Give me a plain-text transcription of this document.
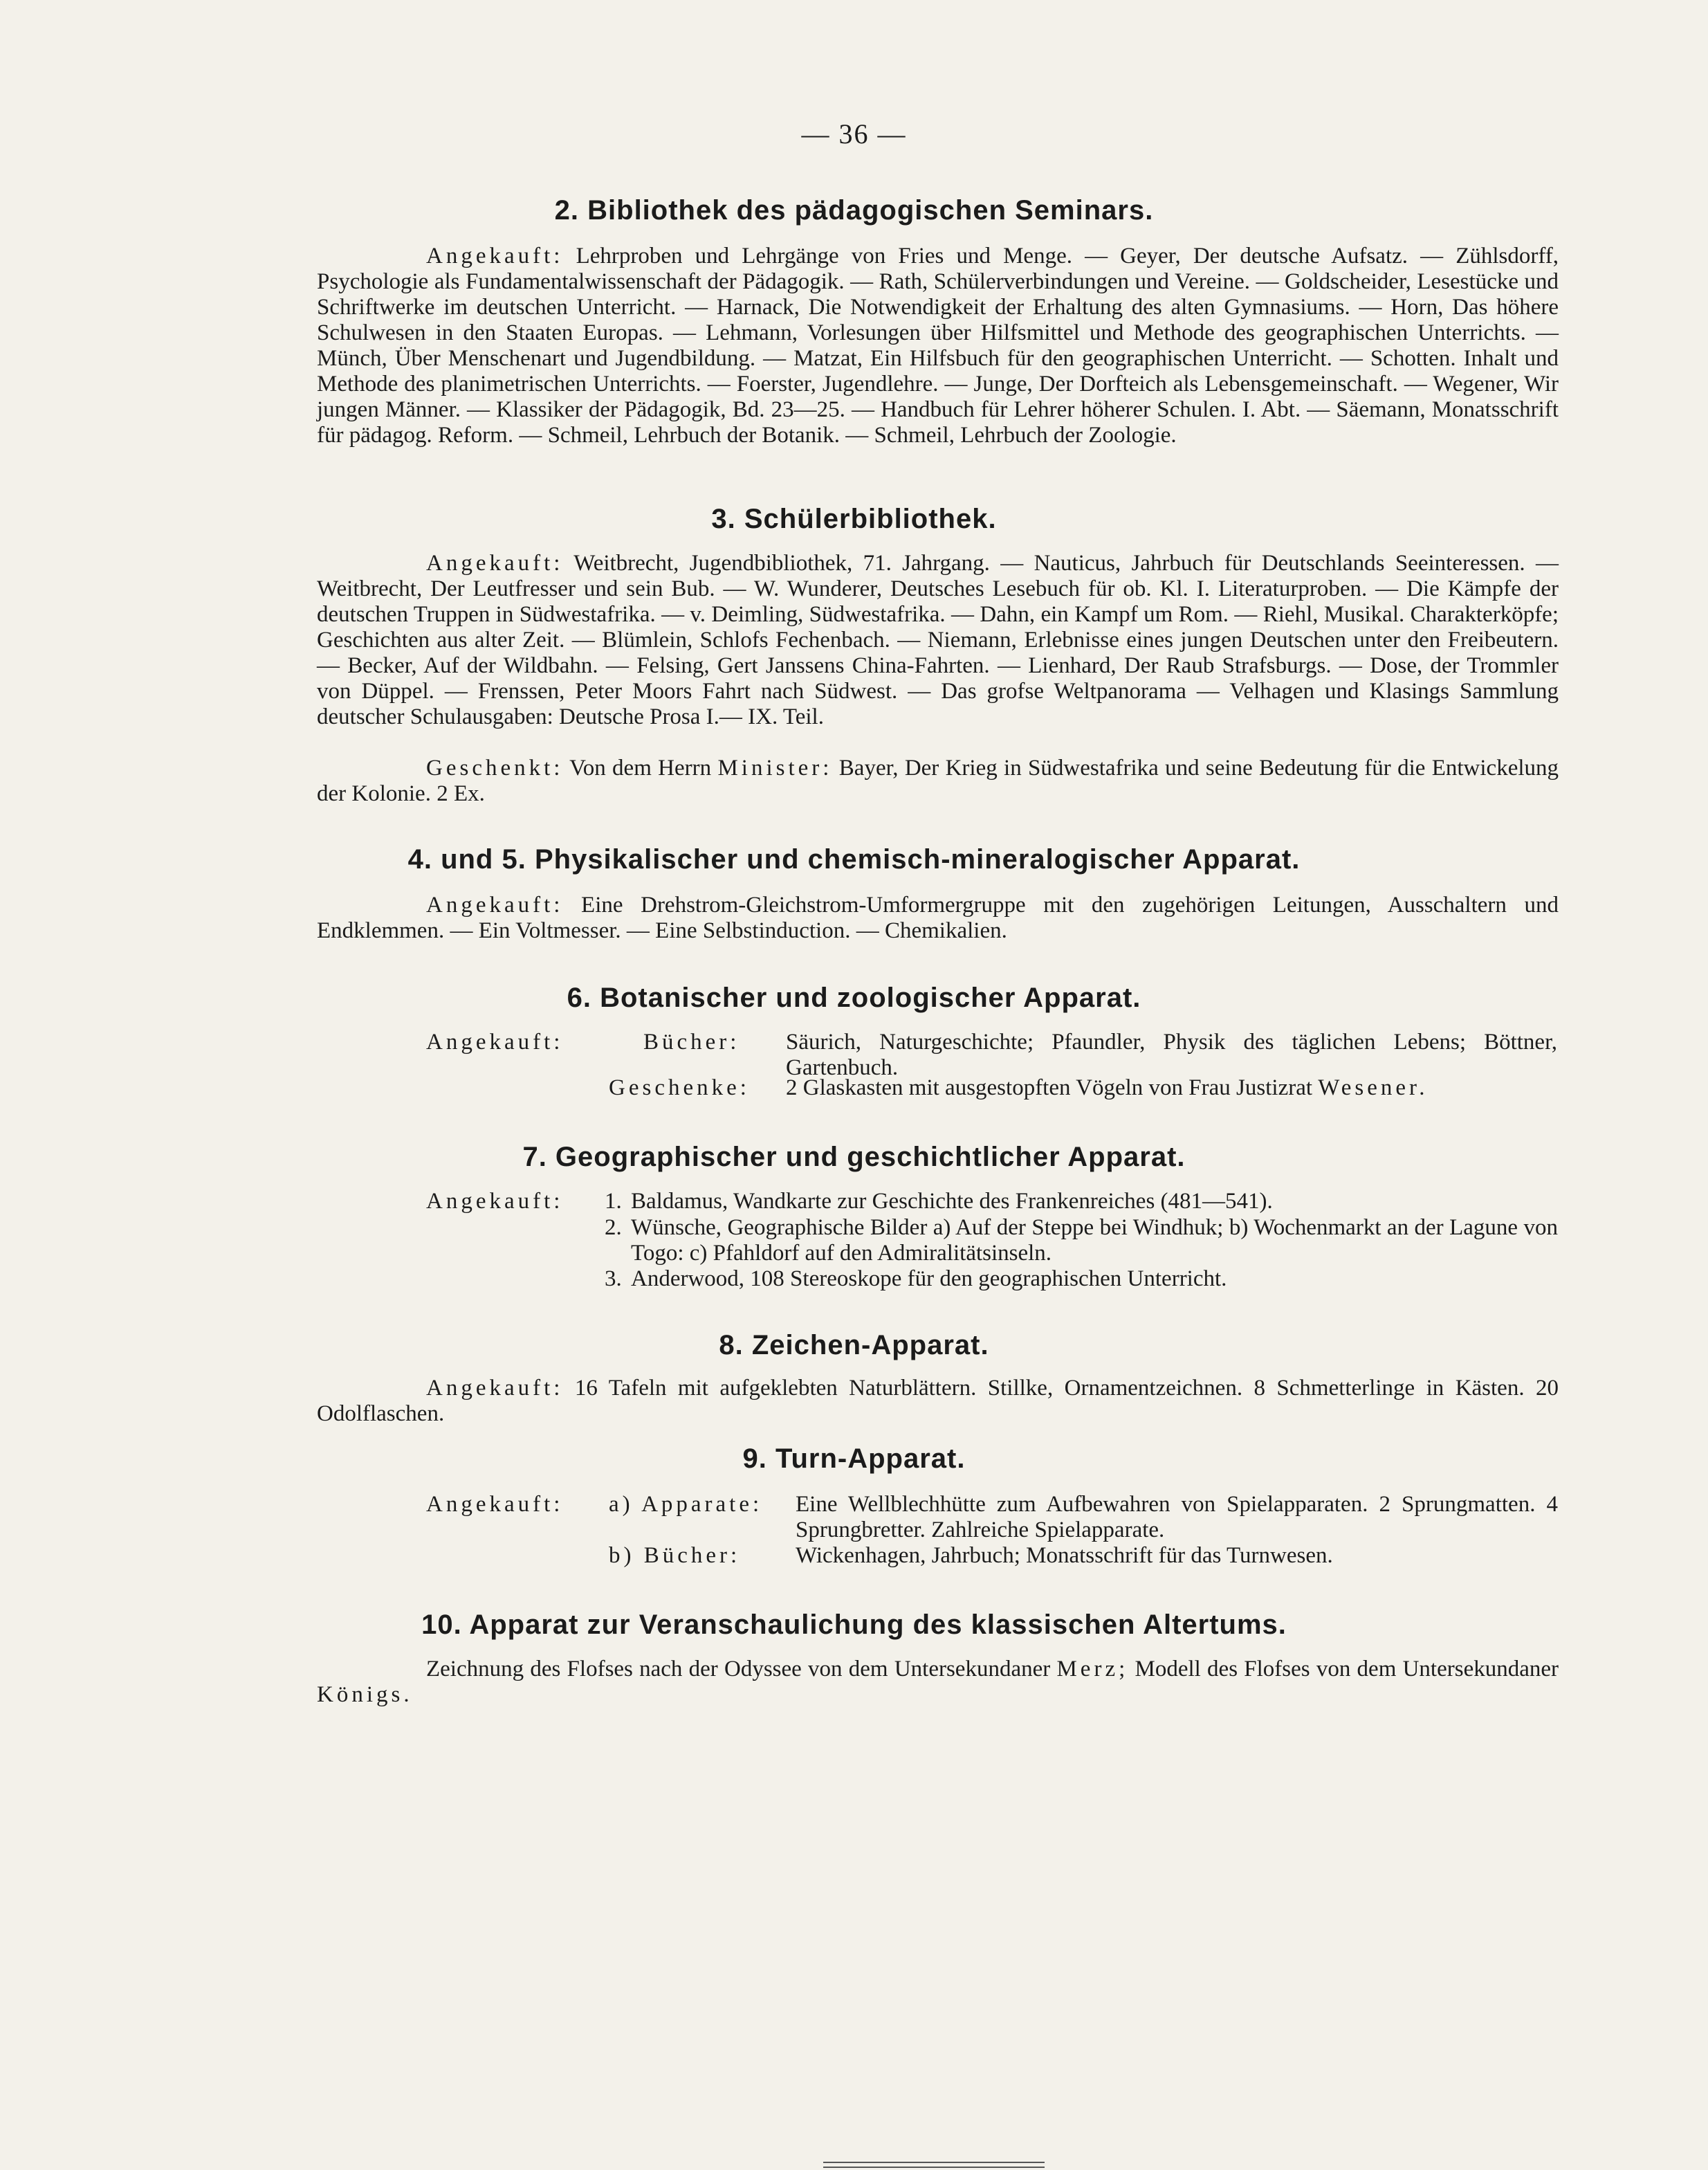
— 36 —
2. Bibliothek des pädagogischen Seminars.
Angekauft: Lehrproben und Lehrgänge von Fries und Menge. — Geyer, Der deutsche Aufsatz. — Zühlsdorff, Psychologie als Fundamentalwissenschaft der Pädagogik. — Rath, Schülerverbindungen und Vereine. — Goldscheider, Lesestücke und Schriftwerke im deutschen Unterricht. — Harnack, Die Notwendigkeit der Erhaltung des alten Gymnasiums. — Horn, Das höhere Schulwesen in den Staaten Europas. — Lehmann, Vorlesungen über Hilfsmittel und Methode des geographischen Unterrichts. — Münch, Über Menschenart und Jugendbildung. — Matzat, Ein Hilfsbuch für den geographischen Unterricht. — Schotten. Inhalt und Methode des planimetrischen Unterrichts. — Foerster, Jugendlehre. — Junge, Der Dorfteich als Lebensgemeinschaft. — Wegener, Wir jungen Männer. — Klassiker der Pädagogik, Bd. 23—25. — Handbuch für Lehrer höherer Schulen. I. Abt. — Säemann, Monatsschrift für pädagog. Reform. — Schmeil, Lehrbuch der Botanik. — Schmeil, Lehrbuch der Zoologie.
3. Schülerbibliothek.
Angekauft: Weitbrecht, Jugendbibliothek, 71. Jahrgang. — Nauticus, Jahrbuch für Deutschlands Seeinteressen. — Weitbrecht, Der Leutfresser und sein Bub. — W. Wunderer, Deutsches Lesebuch für ob. Kl. I. Literaturproben. — Die Kämpfe der deutschen Truppen in Südwestafrika. — v. Deimling, Südwestafrika. — Dahn, ein Kampf um Rom. — Riehl, Musikal. Charakterköpfe; Geschichten aus alter Zeit. — Blümlein, Schlofs Fechenbach. — Niemann, Erlebnisse eines jungen Deutschen unter den Freibeutern. — Becker, Auf der Wildbahn. — Felsing, Gert Janssens China-Fahrten. — Lienhard, Der Raub Strafsburgs. — Dose, der Trommler von Düppel. — Frenssen, Peter Moors Fahrt nach Südwest. — Das grofse Weltpanorama — Velhagen und Klasings Sammlung deutscher Schulausgaben: Deutsche Prosa I.— IX. Teil.
Geschenkt: Von dem Herrn Minister: Bayer, Der Krieg in Südwestafrika und seine Bedeutung für die Entwickelung der Kolonie. 2 Ex.
4. und 5. Physikalischer und chemisch-mineralogischer Apparat.
Angekauft: Eine Drehstrom-Gleichstrom-Umformergruppe mit den zugehörigen Leitungen, Ausschaltern und Endklemmen. — Ein Voltmesser. — Eine Selbstinduction. — Chemikalien.
6. Botanischer und zoologischer Apparat.
Angekauft:	Bücher: Säurich, Naturgeschichte; Pfaundler, Physik des täglichen Lebens; Böttner, Gartenbuch.
Geschenke: 2 Glaskasten mit ausgestopften Vögeln von Frau Justizrat Wesener.
7. Geographischer und geschichtlicher Apparat.
Angekauft: 1. Baldamus, Wandkarte zur Geschichte des Frankenreiches (481—541).
2. Wünsche, Geographische Bilder a) Auf der Steppe bei Windhuk; b) Wochenmarkt an der Lagune von Togo: c) Pfahldorf auf den Admiralitätsinseln.
3. Anderwood, 108 Stereoskope für den geographischen Unterricht.
8. Zeichen-Apparat.
Angekauft: 16 Tafeln mit aufgeklebten Naturblättern. Stillke, Ornamentzeichnen. 8 Schmetterlinge in Kästen. 20 Odolflaschen.
9. Turn-Apparat.
Angekauft: a) Apparate: Eine Wellblechhütte zum Aufbewahren von Spielapparaten. 2 Sprungmatten. 4 Sprungbretter. Zahlreiche Spielapparate.
b) Bücher: Wickenhagen, Jahrbuch; Monatsschrift für das Turnwesen.
10. Apparat zur Veranschaulichung des klassischen Altertums.
Zeichnung des Flofses nach der Odyssee von dem Untersekundaner Merz; Modell des Flofses von dem Untersekundaner Königs.
